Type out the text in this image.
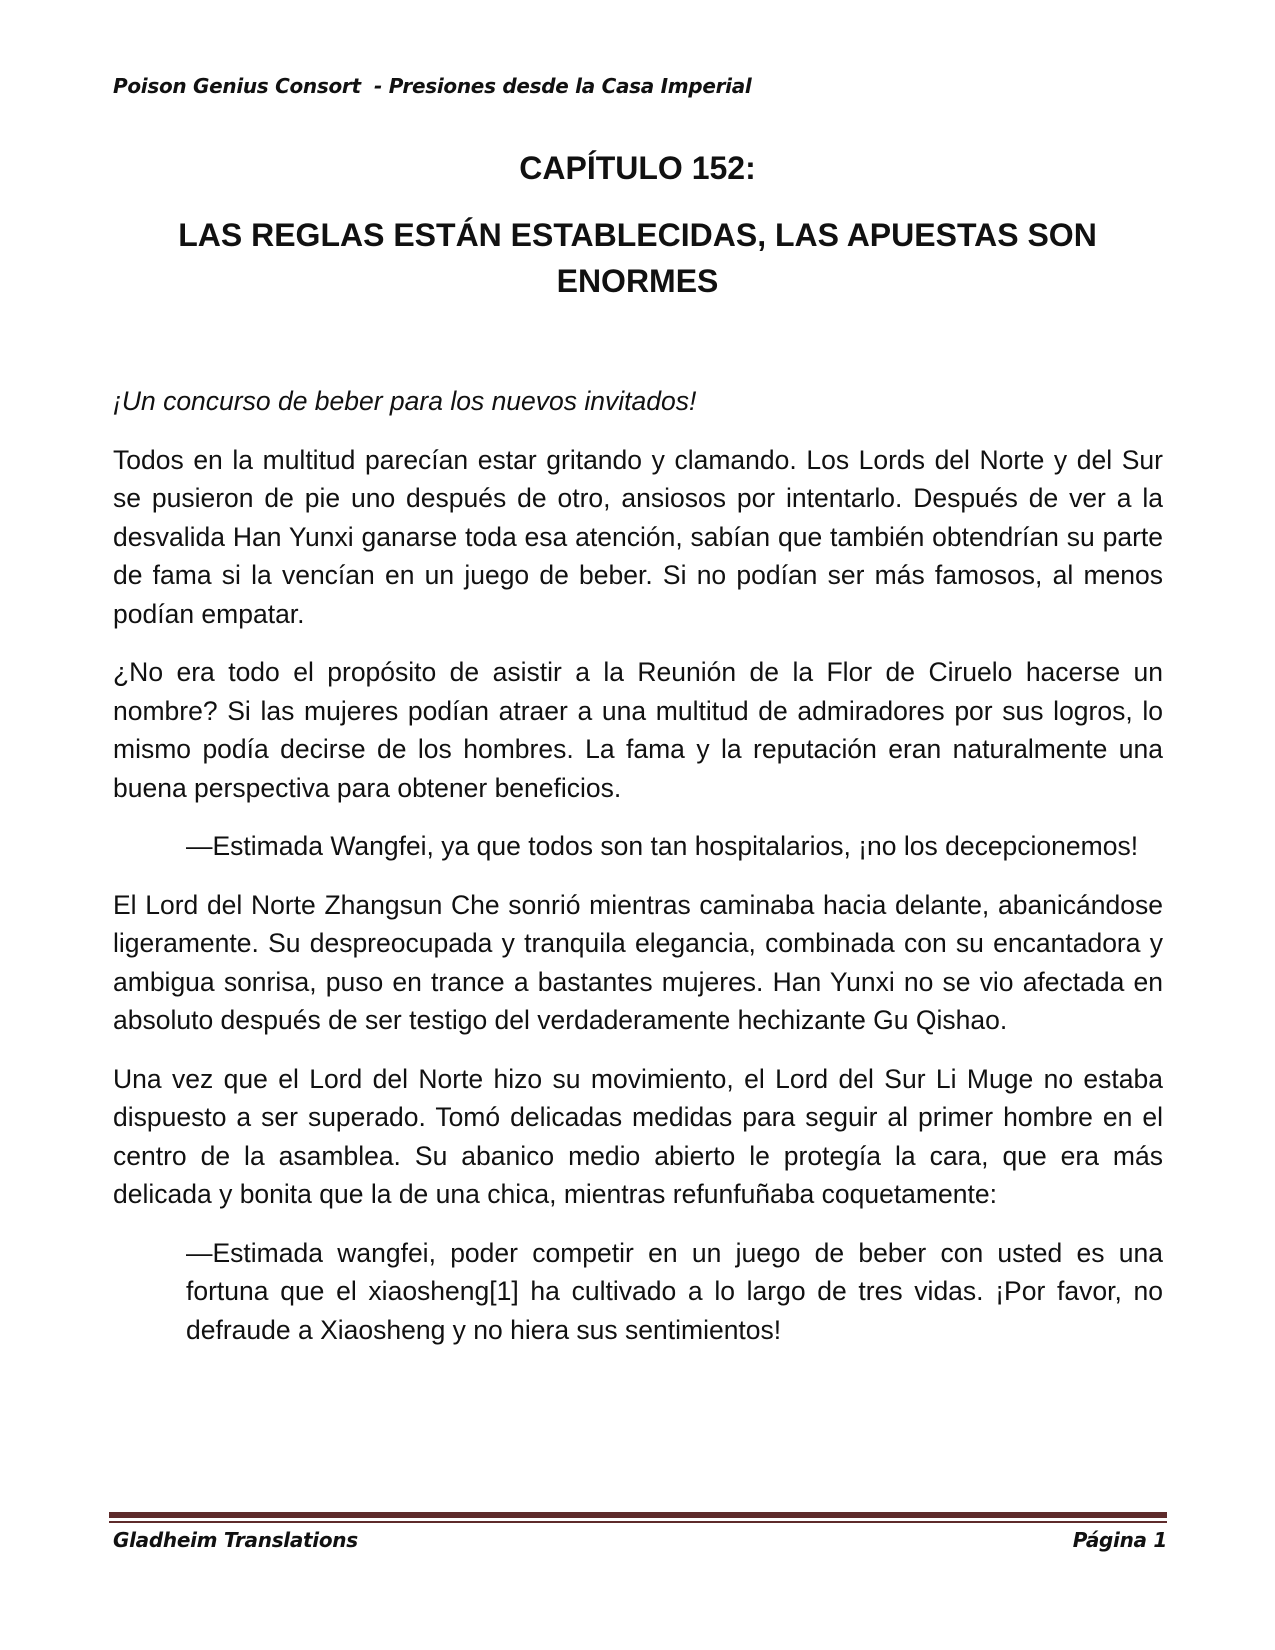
Poison Genius Consort  - Presiones desde la Casa Imperial
CAPÍTULO 152:
LAS REGLAS ESTÁN ESTABLECIDAS, LAS APUESTAS SON ENORMES

¡Un concurso de beber para los nuevos invitados!

Todos en la multitud parecían estar gritando y clamando. Los Lords del Norte y del Sur se pusieron de pie uno después de otro, ansiosos por intentarlo. Después de ver a la desvalida Han Yunxi ganarse toda esa atención, sabían que también obtendrían su parte de fama si la vencían en un juego de beber. Si no podían ser más famosos, al menos podían empatar.

¿No era todo el propósito de asistir a la Reunión de la Flor de Ciruelo hacerse un nombre? Si las mujeres podían atraer a una multitud de admiradores por sus logros, lo mismo podía decirse de los hombres. La fama y la reputación eran naturalmente una buena perspectiva para obtener beneficios.

—Estimada Wangfei, ya que todos son tan hospitalarios, ¡no los decepcionemos!

El Lord del Norte Zhangsun Che sonrió mientras caminaba hacia delante, abanicándose ligeramente. Su despreocupada y tranquila elegancia, combinada con su encantadora y ambigua sonrisa, puso en trance a bastantes mujeres. Han Yunxi no se vio afectada en absoluto después de ser testigo del verdaderamente hechizante Gu Qishao.

Una vez que el Lord del Norte hizo su movimiento, el Lord del Sur Li Muge no estaba dispuesto a ser superado. Tomó delicadas medidas para seguir al primer hombre en el centro de la asamblea. Su abanico medio abierto le protegía la cara, que era más delicada y bonita que la de una chica, mientras refunfuñaba coquetamente:

—Estimada wangfei, poder competir en un juego de beber con usted es una fortuna que el xiaosheng[1] ha cultivado a lo largo de tres vidas. ¡Por favor, no defraude a Xiaosheng y no hiera sus sentimientos!

Gladheim Translations	Página 1
